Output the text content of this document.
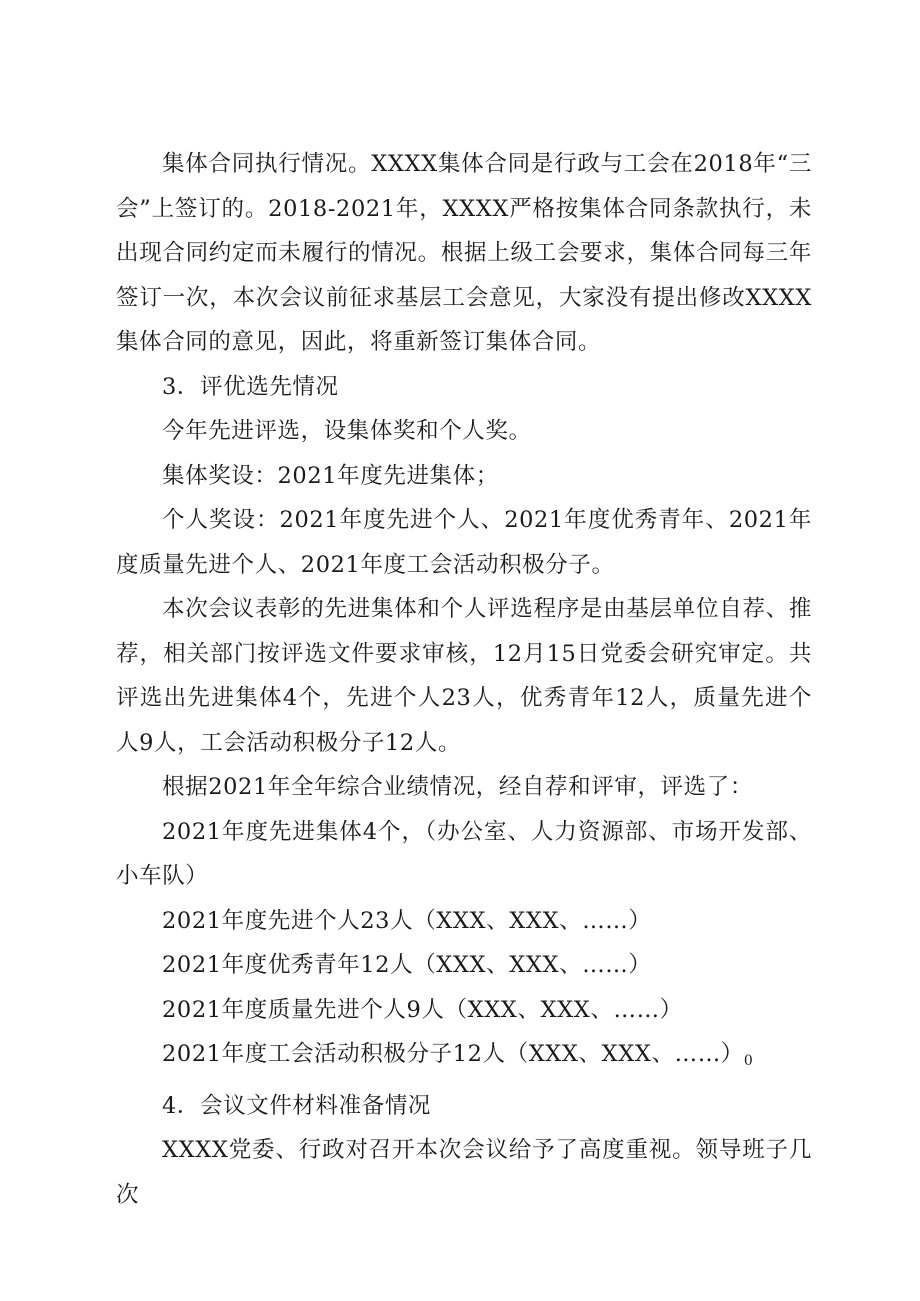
集体合同执行情况。XXXX集体合同是行政与工会在2018年“三会”上签订的。2018-2021年，XXXX严格按集体合同条款执行，未出现合同约定而未履行的情况。根据上级工会要求，集体合同每三年签订一次，本次会议前征求基层工会意见，大家没有提出修改XXXX集体合同的意见，因此，将重新签订集体合同。

3．评优选先情况

今年先进评选，设集体奖和个人奖。

集体奖设：2021年度先进集体；

个人奖设：2021年度先进个人、2021年度优秀青年、2021年度质量先进个人、2021年度工会活动积极分子。

本次会议表彰的先进集体和个人评选程序是由基层单位自荐、推荐，相关部门按评选文件要求审核，12月15日党委会研究审定。共评选出先进集体4个，先进个人23人，优秀青年12人，质量先进个人9人，工会活动积极分子12人。

根据2021年全年综合业绩情况，经自荐和评审，评选了：

2021年度先进集体4个，（办公室、人力资源部、市场开发部、小车队）

2021年度先进个人23人（XXX、XXX、……）

2021年度优秀青年12人（XXX、XXX、……）

2021年度质量先进个人9人（XXX、XXX、……）

2021年度工会活动积极分子12人（XXX、XXX、……）0

4．会议文件材料准备情况

XXXX党委、行政对召开本次会议给予了高度重视。领导班子几次
